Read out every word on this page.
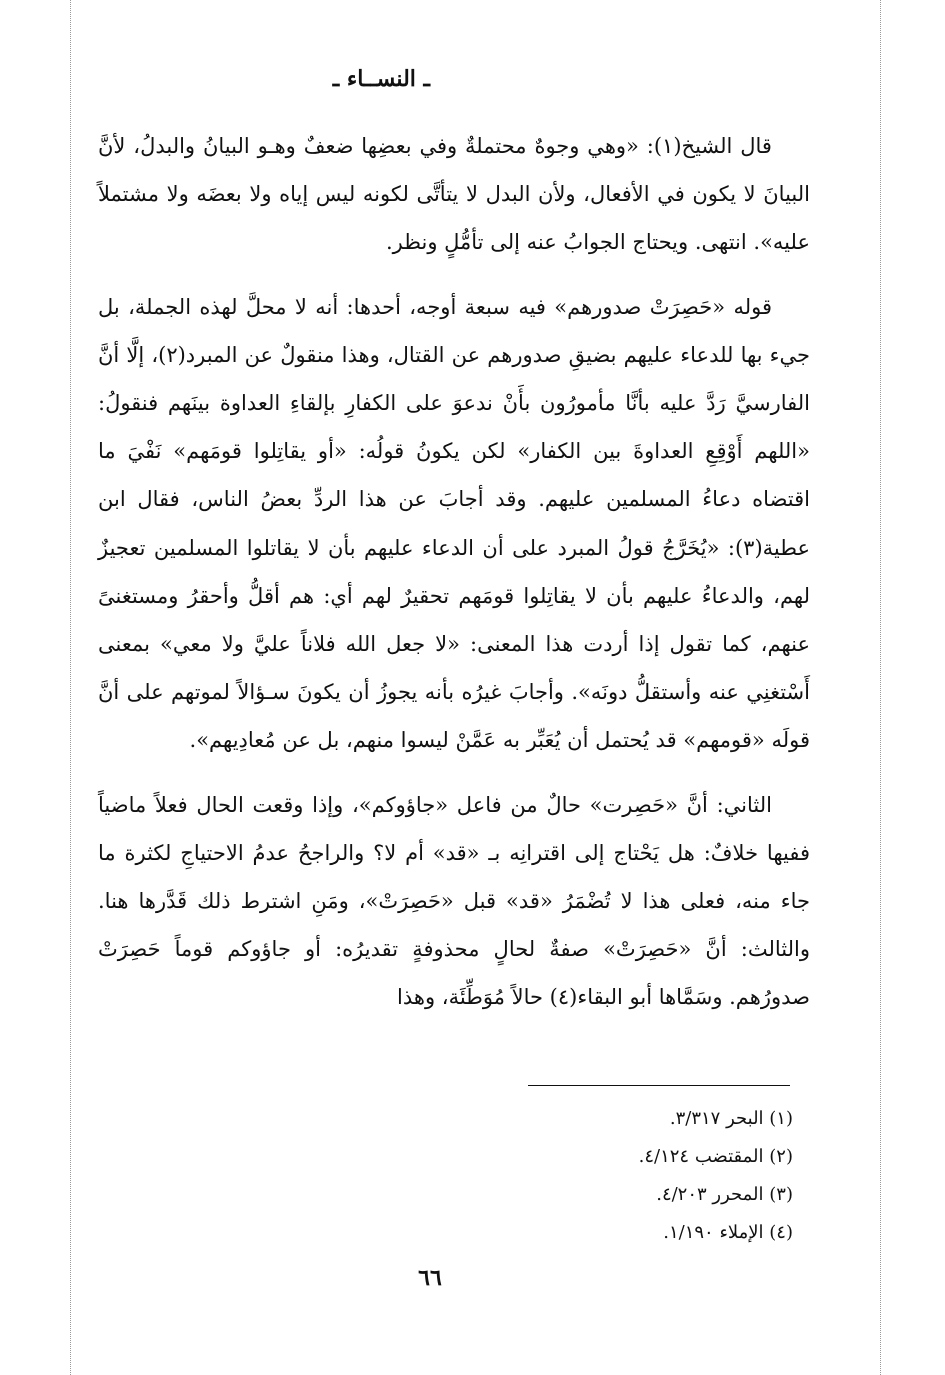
ـ النســاء ـ

قال الشيخ(١): «وهي وجوهٌ محتملةٌ وفي بعضِها ضعفٌ وهـو البيانُ والبدلُ، لأنَّ البيانَ لا يكون في الأفعال، ولأن البدل لا يتأتَّى لكونه ليس إياه ولا بعضَه ولا مشتملاً عليه». انتهى. ويحتاج الجوابُ عنه إلى تأمُّلٍ ونظر.

قوله «حَصِرَتْ صدورهم» فيه سبعة أوجه، أحدها: أنه لا محلَّ لهذه الجملة، بل جيء بها للدعاء عليهم بضيقِ صدورهم عن القتال، وهذا منقولٌ عن المبرد(٢)، إلَّا أنَّ الفارسيَّ رَدَّ عليه بأنَّا مأمورُون بأَنْ ندعوَ على الكفارِ بإلقاءِ العداوة بينَهم فنقولُ: «اللهم أَوْقِعِ العداوةَ بين الكفار» لكن يكونُ قولُه: «أو يقاتِلوا قومَهم» نَفْيَ ما اقتضاه دعاءُ المسلمين عليهم. وقد أجابَ عن هذا الردِّ بعضُ الناس، فقال ابن عطية(٣): «يُخَرَّجُ قولُ المبرد على أن الدعاء عليهم بأن لا يقاتلوا المسلمين تعجيزٌ لهم، والدعاءُ عليهم بأن لا يقاتِلوا قومَهم تحقيرٌ لهم أي: هم أقلُّ وأحقرُ ومستغنىً عنهم، كما تقول إذا أردت هذا المعنى: «لا جعل الله فلاناً عليَّ ولا معي» بمعنى أَسْتغنِي عنه وأستقلُّ دونَه». وأجابَ غيرُه بأنه يجوزُ أن يكونَ سـؤالاً لموتهم على أنَّ قولَه «قومهم» قد يُحتمل أن يُعَبِّر به عَمَّنْ ليسوا منهم، بل عن مُعادِيهم».

الثاني: أنَّ «حَصِرت» حالٌ من فاعل «جاؤوكم»، وإذا وقعت الحال فعلاً ماضياً ففيها خلافٌ: هل يَحْتاج إلى اقترانِه بـ «قد» أم لا؟ والراجحُ عدمُ الاحتياجِ لكثرة ما جاء منه، فعلى هذا لا تُضْمَرُ «قد» قبل «حَصِرَتْ»، ومَنِ اشترط ذلك قَدَّرها هنا. والثالث: أنَّ «حَصِرَتْ» صفةٌ لحالٍ محذوفةٍ تقديرُه: أو جاؤوكم قوماً حَصِرَتْ صدورُهم. وسَمَّاها أبو البقاء(٤) حالاً مُوَطِّئَة، وهذا

(١) البحر ٣/٣١٧.
(٢) المقتضب ٤/١٢٤.
(٣) المحرر ٤/٢٠٣.
(٤) الإملاء ١/١٩٠.
٦٦
